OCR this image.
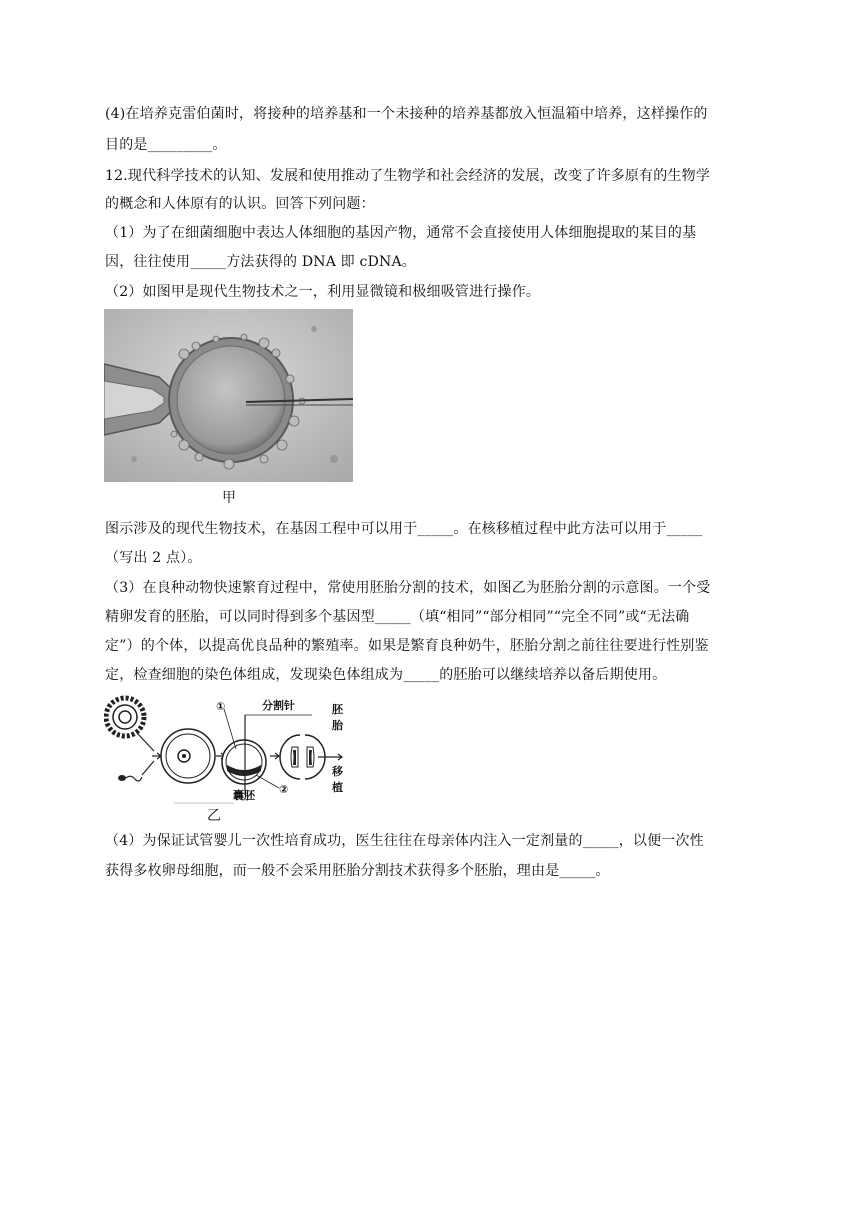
(4)在培养克雷伯菌时，将接种的培养基和一个未接种的培养基都放入恒温箱中培养，这样操作的
目的是_________。
12.现代科学技术的认知、发展和使用推动了生物学和社会经济的发展，改变了许多原有的生物学
的概念和人体原有的认识。回答下列问题：
（1）为了在细菌细胞中表达人体细胞的基因产物，通常不会直接使用人体细胞提取的某目的基
因，往往使用_____方法获得的 DNA 即 cDNA。
（2）如图甲是现代生物技术之一，利用显微镜和极细吸管进行操作。
甲
图示涉及的现代生物技术，在基因工程中可以用于_____。在核移植过程中此方法可以用于_____
（写出 2 点）。
（3）在良种动物快速繁育过程中，常使用胚胎分割的技术，如图乙为胚胎分割的示意图。一个受
精卵发育的胚胎，可以同时得到多个基因型_____（填“相同”“部分相同”“完全不同”或“无法确
定”）的个体，以提高优良品种的繁殖率。如果是繁育良种奶牛，胚胎分割之前往往要进行性别鉴
定，检查细胞的染色体组成，发现染色体组成为_____的胚胎可以继续培养以备后期使用。
①
②
分割针
囊胚
胚
胎
移
植
乙
（4）为保证试管婴儿一次性培育成功，医生往往在母亲体内注入一定剂量的_____，以便一次性
获得多枚卵母细胞，而一般不会采用胚胎分割技术获得多个胚胎，理由是_____。
